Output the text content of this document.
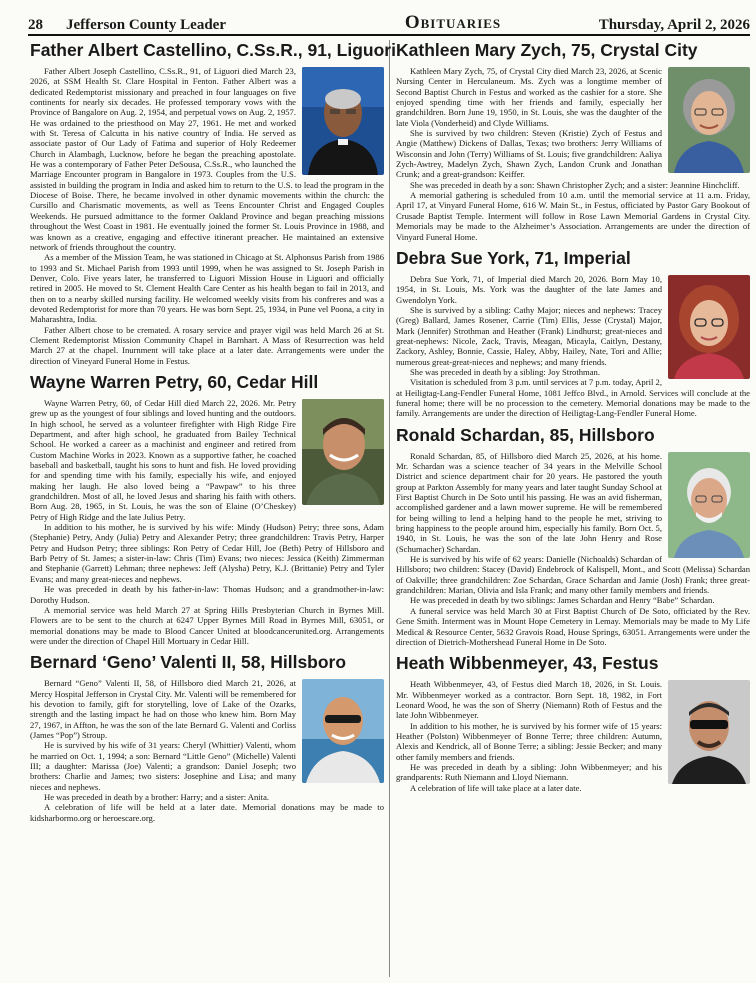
28	Jefferson County Leader	Obituaries	Thursday, April 2, 2026
Father Albert Castellino, C.Ss.R., 91, Liguori

Father Albert Joseph Castellino, C.Ss.R., 91, of Liguori died March 23, 2026, at SSM Health St. Clare Hospital in Fenton. Father Albert was a dedicated Redemptorist missionary and preached in four languages on five continents for nearly six decades. He professed temporary vows with the Province of Bangalore on Aug. 2, 1954, and perpetual vows on Aug. 2, 1957. He was ordained to the priesthood on May 27, 1961. He met and worked with St. Teresa of Calcutta in his native country of India. He served as associate pastor of Our Lady of Fatima and superior of Holy Redeemer Church in Alambagh, Lucknow, before he began the preaching apostolate. He was a contemporary of Father Peter DeSousa, C.Ss.R., who launched the Marriage Encounter program in Bangalore in 1973. Couples from the U.S. assisted in building the program in India and asked him to return to the U.S. to lead the program in the Diocese of Boise. There, he became involved in other dynamic movements within the church: the Cursillo and Charismatic movements, as well as Teens Encounter Christ and Engaged Couples Weekends. He pursued admittance to the former Oakland Province and began preaching missions throughout the West Coast in 1981. He eventually joined the former St. Louis Province in 1988, and was known as a creative, engaging and effective itinerant preacher. He maintained an extensive network of friends throughout the country.

As a member of the Mission Team, he was stationed in Chicago at St. Alphonsus Parish from 1986 to 1993 and St. Michael Parish from 1993 until 1999, when he was assigned to St. Joseph Parish in Denver, Colo. Five years later, he transferred to Liguori Mission House in Liguori and officially retired in 2005. He moved to St. Clement Health Care Center as his health began to fail in 2013, and then on to a nearby skilled nursing facility. He welcomed weekly visits from his confreres and was a devoted Redemptorist for more than 70 years. He was born Sept. 25, 1934, in Pune vel Poona, a city in Maharashtra, India.

Father Albert chose to be cremated. A rosary service and prayer vigil was held March 26 at St. Clement Redemptorist Mission Community Chapel in Barnhart. A Mass of Resurrection was held March 27 at the chapel. Inurnment will take place at a later date. Arrangements were under the direction of Vineyard Funeral Home in Festus.

Wayne Warren Petry, 60, Cedar Hill

Wayne Warren Petry, 60, of Cedar Hill died March 22, 2026. Mr. Petry grew up as the youngest of four siblings and loved hunting and the outdoors. In high school, he served as a volunteer firefighter with High Ridge Fire Department, and after high school, he graduated from Bailey Technical School. He worked a career as a machinist and engineer and retired from Custom Machine Works in 2023. Known as a supportive father, he coached baseball and basketball, taught his sons to hunt and fish. He loved providing for and spending time with his family, especially his wife, and enjoyed making her laugh. He also loved being a “Pawpaw” to his three grandchildren. Most of all, he loved Jesus and sharing his faith with others. Born Aug. 28, 1965, in St. Louis, he was the son of Elaine (O’Cheskey) Petry of High Ridge and the late Julius Petry.

In addition to his mother, he is survived by his wife: Mindy (Hudson) Petry; three sons, Adam (Stephanie) Petry, Andy (Julia) Petry and Alexander Petry; three grandchildren: Travis Petry, Harper Petry and Hudson Petry; three siblings: Ron Petry of Cedar Hill, Joe (Beth) Petry of Hillsboro and Barb Petry of St. James; a sister-in-law: Chris (Tim) Evans; two nieces: Jessica (Keith) Zimmerman and Stephanie (Garrett) Lehman; three nephews: Jeff (Alysha) Petry, K.J. (Brittanie) Petry and Tyler Evans; and many great-nieces and nephews.

He was preceded in death by his father-in-law: Thomas Hudson; and a grandmother-in-law: Dorothy Hudson.

A memorial service was held March 27 at Spring Hills Presbyterian Church in Byrnes Mill. Flowers are to be sent to the church at 6247 Upper Byrnes Mill Road in Byrnes Mill, 63051, or memorial donations may be made to Blood Cancer United at bloodcancerunited.org. Arrangements were under the direction of Chapel Hill Mortuary in Cedar Hill.

Bernard ‘Geno’ Valenti II, 58, Hillsboro

Bernard “Geno” Valenti II, 58, of Hillsboro died March 21, 2026, at Mercy Hospital Jefferson in Crystal City. Mr. Valenti will be remembered for his devotion to family, gift for storytelling, love of Lake of the Ozarks, strength and the lasting impact he had on those who knew him. Born May 27, 1967, in Affton, he was the son of the late Bernard G. Valenti and Corliss (James “Pop”) Stroup.

He is survived by his wife of 31 years: Cheryl (Whittier) Valenti, whom he married on Oct. 1, 1994; a son: Bernard “Little Geno” (Michelle) Valenti III; a daughter: Marissa (Joe) Valenti; a grandson: Daniel Joseph; two brothers: Charlie and James; two sisters: Josephine and Lisa; and many nieces and nephews.

He was preceded in death by a brother: Harry; and a sister: Anita.

A celebration of life will be held at a later date. Memorial donations may be made to kidsharbormo.org or heroescare.org.

Kathleen Mary Zych, 75, Crystal City

Kathleen Mary Zych, 75, of Crystal City died March 23, 2026, at Scenic Nursing Center in Herculaneum. Ms. Zych was a longtime member of Second Baptist Church in Festus and worked as the cashier for a store. She enjoyed spending time with her friends and family, especially her grandchildren. Born June 19, 1950, in St. Louis, she was the daughter of the late Viola (Vonderheid) and Clyde Williams.

She is survived by two children: Steven (Kristie) Zych of Festus and Angie (Matthew) Dickens of Dallas, Texas; two brothers: Jerry Williams of Wisconsin and John (Terry) Williams of St. Louis; five grandchildren: Aaliya Zych-Awtrey, Madelyn Zych, Shawn Zych, Landon Crunk and Jonathan Crunk; and a great-grandson: Keiffer.

She was preceded in death by a son: Shawn Christopher Zych; and a sister: Jeannine Hinchcliff.

A memorial gathering is scheduled from 10 a.m. until the memorial service at 11 a.m. Friday, April 17, at Vinyard Funeral Home, 616 W. Main St., in Festus, officiated by Pastor Gary Bookout of Crusade Baptist Temple. Interment will follow in Rose Lawn Memorial Gardens in Crystal City. Memorials may be made to the Alzheimer’s Association. Arrangements are under the direction of Vinyard Funeral Home.

Debra Sue York, 71, Imperial

Debra Sue York, 71, of Imperial died March 20, 2026. Born May 10, 1954, in St. Louis, Ms. York was the daughter of the late James and Gwendolyn York.

She is survived by a sibling: Cathy Major; nieces and nephews: Tracey (Greg) Ballard, James Rosener, Carrie (Tim) Ellis, Jesse (Crystal) Major, Mark (Jennifer) Strothman and Heather (Frank) Lindhurst; great-nieces and great-nephews: Nicole, Zack, Travis, Meagan, Micayla, Caitlyn, Destany, Zackory, Ashley, Bonnie, Cassie, Haley, Abby, Hailey, Nate, Tori and Allie; numerous great-great-nieces and nephews; and many friends.

She was preceded in death by a sibling: Joy Strothman.

Visitation is scheduled from 3 p.m. until services at 7 p.m. today, April 2, at Heiligtag-Lang-Fendler Funeral Home, 1081 Jeffco Blvd., in Arnold. Services will conclude at the funeral home; there will be no procession to the cemetery. Memorial donations may be made to the family. Arrangements are under the direction of Heiligtag-Lang-Fendler Funeral Home.

Ronald Schardan, 85, Hillsboro

Ronald Schardan, 85, of Hillsboro died March 25, 2026, at his home. Mr. Schardan was a science teacher of 34 years in the Melville School District and science department chair for 20 years. He pastored the youth group at Parkton Assembly for many years and later taught Sunday School at First Baptist Church in De Soto until his passing. He was an avid fisherman, accomplished gardener and a lawn mower supreme. He will be remembered for being willing to lend a helping hand to the people he met, striving to bring happiness to the people around him, especially his family. Born Oct. 5, 1940, in St. Louis, he was the son of the late John Henry and Rose (Schumacher) Schardan.

He is survived by his wife of 62 years: Danielle (Nichoalds) Schardan of Hillsboro; two children: Stacey (David) Endebrock of Kalispell, Mont., and Scott (Melissa) Schardan of Oakville; three grandchildren: Zoe Schardan, Grace Schardan and Jamie (Josh) Frank; three great-grandchildren: Marian, Olivia and Isla Frank; and many other family members and friends.

He was preceded in death by two siblings: James Schardan and Henry “Babe” Schardan.

A funeral service was held March 30 at First Baptist Church of De Soto, officiated by the Rev. Gene Smith. Interment was in Mount Hope Cemetery in Lemay. Memorials may be made to My Life Medical & Resource Center, 5632 Gravois Road, House Springs, 63051. Arrangements were under the direction of Dietrich-Mothershead Funeral Home in De Soto.

Heath Wibbenmeyer, 43, Festus

Heath Wibbenmeyer, 43, of Festus died March 18, 2026, in St. Louis. Mr. Wibbenmeyer worked as a contractor. Born Sept. 18, 1982, in Fort Leonard Wood, he was the son of Sherry (Niemann) Roth of Festus and the late John Wibbenmeyer.

In addition to his mother, he is survived by his former wife of 15 years: Heather (Polston) Wibbenmeyer of Bonne Terre; three children: Autumn, Alexis and Kendrick, all of Bonne Terre; a sibling: Jessie Becker; and many other family members and friends.

He was preceded in death by a sibling: John Wibbenmeyer; and his grandparents: Ruth Niemann and Lloyd Niemann.

A celebration of life will take place at a later date.
